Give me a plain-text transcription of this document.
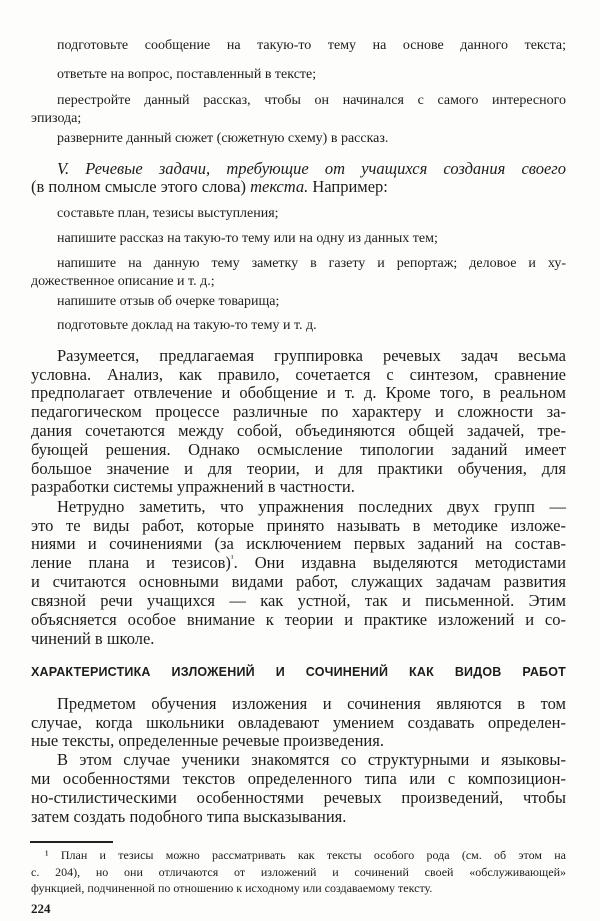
подготовьте сообщение на такую-то тему на основе данного текста;
ответьте на вопрос, поставленный в тексте;
перестройте данный рассказ, чтобы он начинался с самого интересного
эпизода;
разверните данный сюжет (сюжетную схему) в рассказ.
V. Речевые задачи, требующие от учащихся создания своего
составьте план, тезисы выступления;
напишите рассказ на такую-то тему или на одну из данных тем;
напишите на данную тему заметку в газету и репортаж; деловое и ху-
дожественное описание и т. д.;
напишите отзыв об очерке товарища;
подготовьте доклад на такую-то тему и т. д.
Разумеется, предлагаемая группировка речевых задач весьма
условна. Анализ, как правило, сочетается с синтезом, сравнение
предполагает отвлечение и обобщение и т. д. Кроме того, в реальном
педагогическом процессе различные по характеру и сложности за-
дания сочетаются между собой, объединяются общей задачей, тре-
бующей решения. Однако осмысление типологии заданий имеет
большое значение и для теории, и для практики обучения, для
разработки системы упражнений в частности.
Нетрудно заметить, что упражнения последних двух групп —
это те виды работ, которые принято называть в методике изложе-
ниями и сочинениями (за исключением первых заданий на состав-
и считаются основными видами работ, служащих задачам развития
связной речи учащихся — как устной, так и письменной. Этим
объясняется особое внимание к теории и практике изложений и со-
чинений в школе.
ХАРАКТЕРИСТИКА ИЗЛОЖЕНИЙ И СОЧИНЕНИЙ КАК ВИДОВ РАБОТ
Предметом обучения изложения и сочинения являются в том
случае, когда школьники овладевают умением создавать определен-
ные тексты, определенные речевые произведения.
В этом случае ученики знакомятся со структурными и языковы-
ми особенностями текстов определенного типа или с композицион-
но-стилистическими особенностями речевых произведений, чтобы
затем создать подобного типа высказывания.
¹ План и тезисы можно рассматривать как тексты особого рода (см. об этом на
с. 204), но они отличаются от изложений и сочинений своей «обслуживающей»
функцией, подчиненной по отношению к исходному или создаваемому тексту.
224
(в полном смысле этого слова) текста. Например:
ление плана и тезисов)$^{^1}$. Они издавна выделяются методистами
